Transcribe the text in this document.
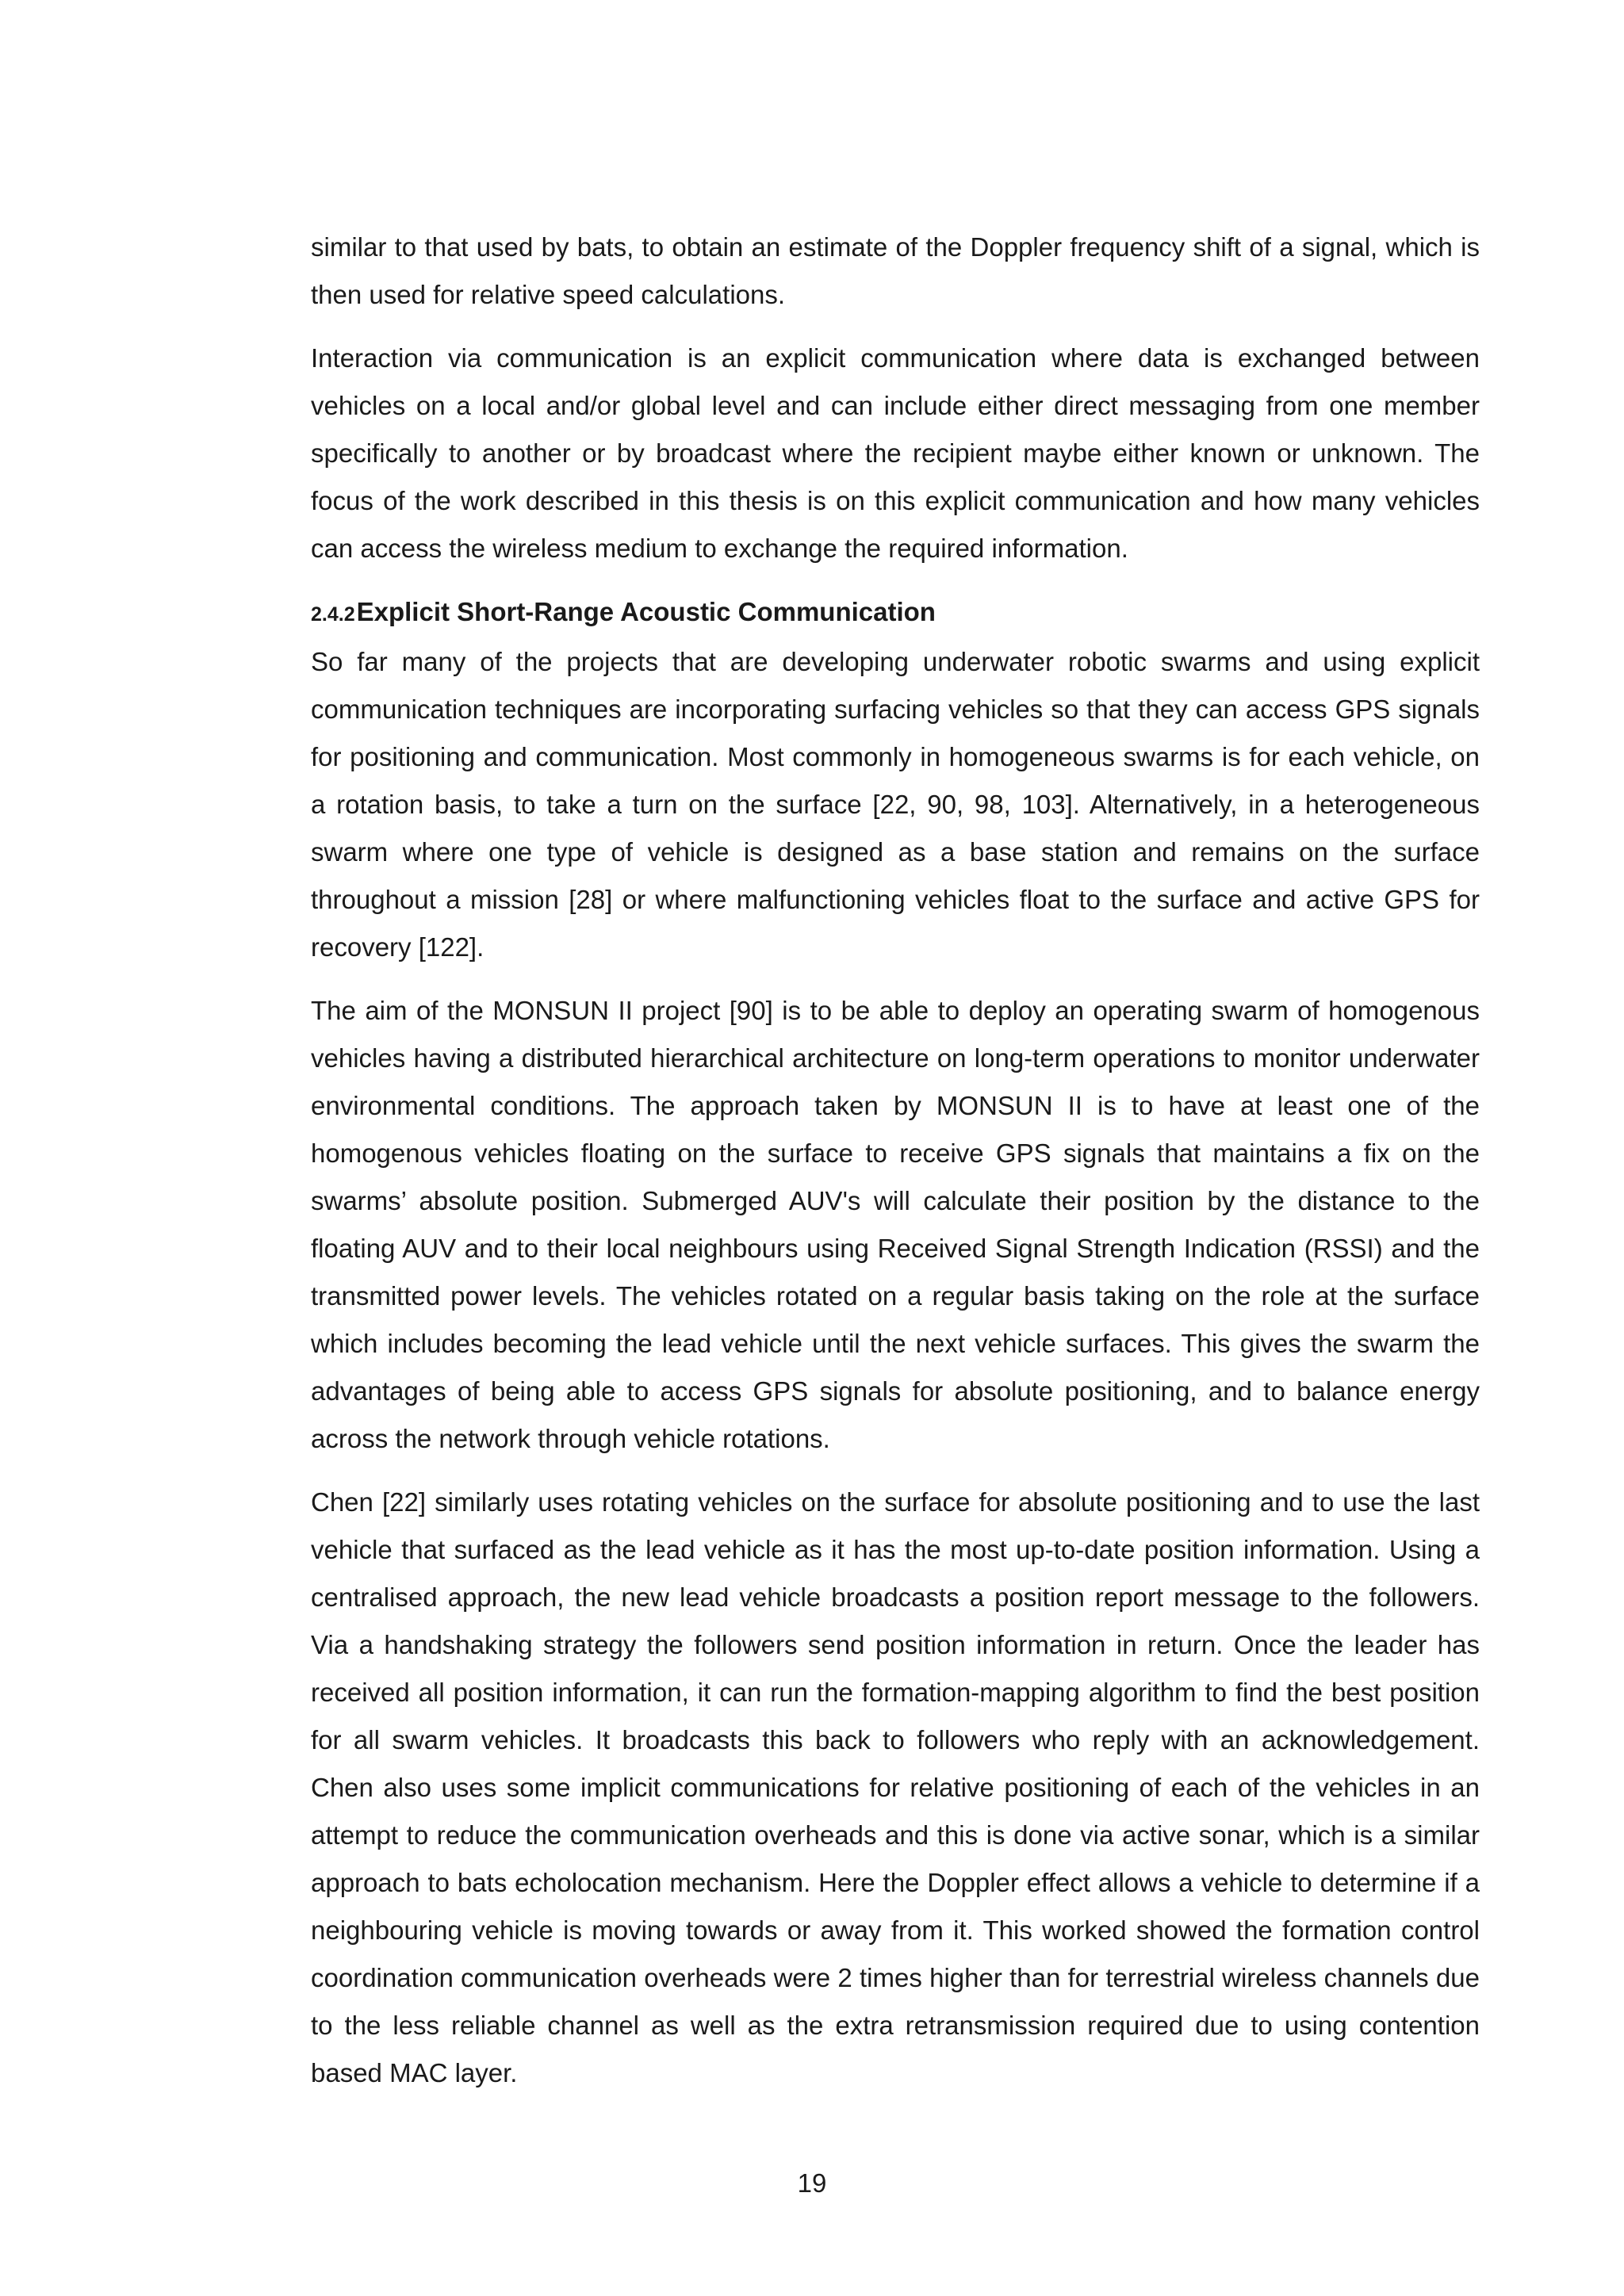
similar to that used by bats, to obtain an estimate of the Doppler frequency shift of a signal, which is then used for relative speed calculations.

Interaction via communication is an explicit communication where data is exchanged between vehicles on a local and/or global level and can include either direct messaging from one member specifically to another or by broadcast where the recipient maybe either known or unknown. The focus of the work described in this thesis is on this explicit communication and how many vehicles can access the wireless medium to exchange the required information.

2.4.2Explicit Short-Range Acoustic Communication

So far many of the projects that are developing underwater robotic swarms and using explicit communication techniques are incorporating surfacing vehicles so that they can access GPS signals for positioning and communication. Most commonly in homogeneous swarms is for each vehicle, on a rotation basis, to take a turn on the surface [22, 90, 98, 103]. Alternatively, in a heterogeneous swarm where one type of vehicle is designed as a base station and remains on the surface throughout a mission [28] or where malfunctioning vehicles float to the surface and active GPS for recovery [122].

The aim of the MONSUN II project [90] is to be able to deploy an operating swarm of homogenous vehicles having a distributed hierarchical architecture on long-term operations to monitor underwater environmental conditions. The approach taken by MONSUN II is to have at least one of the homogenous vehicles floating on the surface to receive GPS signals that maintains a fix on the swarms’ absolute position. Submerged AUV's will calculate their position by the distance to the floating AUV and to their local neighbours using Received Signal Strength Indication (RSSI) and the transmitted power levels. The vehicles rotated on a regular basis taking on the role at the surface which includes becoming the lead vehicle until the next vehicle surfaces. This gives the swarm the advantages of being able to access GPS signals for absolute positioning, and to balance energy across the network through vehicle rotations.

Chen [22] similarly uses rotating vehicles on the surface for absolute positioning and to use the last vehicle that surfaced as the lead vehicle as it has the most up-to-date position information. Using a centralised approach, the new lead vehicle broadcasts a position report message to the followers. Via a handshaking strategy the followers send position information in return. Once the leader has received all position information, it can run the formation-mapping algorithm to find the best position for all swarm vehicles. It broadcasts this back to followers who reply with an acknowledgement. Chen also uses some implicit communications for relative positioning of each of the vehicles in an attempt to reduce the communication overheads and this is done via active sonar, which is a similar approach to bats echolocation mechanism. Here the Doppler effect allows a vehicle to determine if a neighbouring vehicle is moving towards or away from it. This worked showed the formation control coordination communication overheads were 2 times higher than for terrestrial wireless channels due to the less reliable channel as well as the extra retransmission required due to using contention based MAC layer.

19
